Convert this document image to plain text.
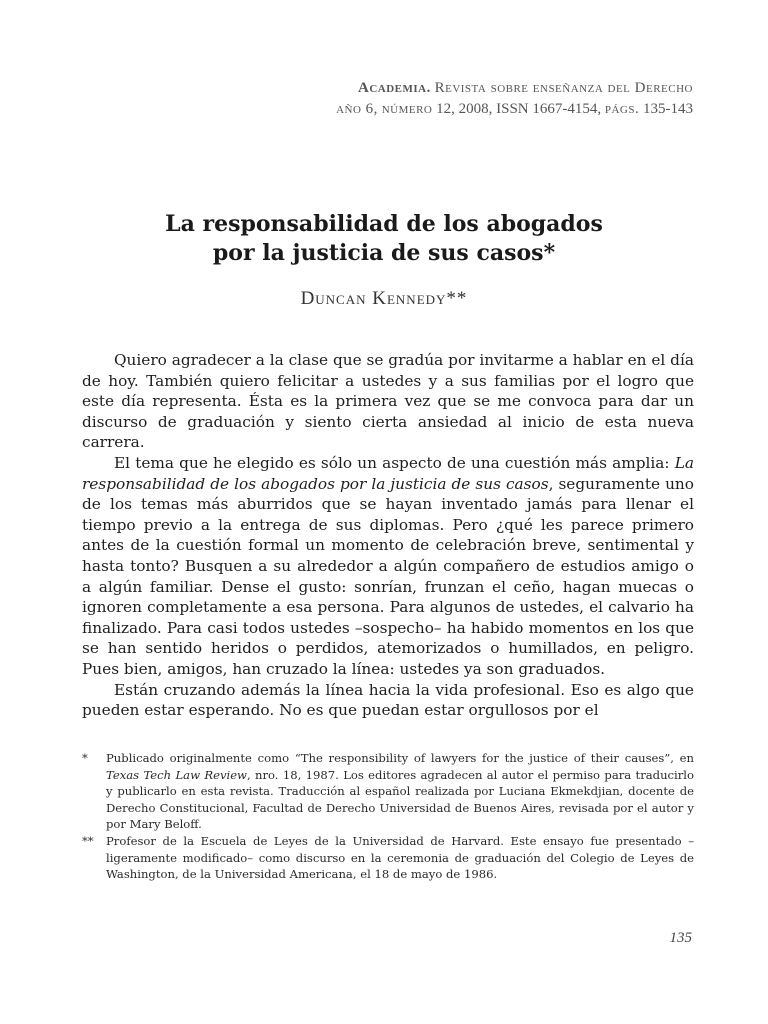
Academia. Revista sobre enseñanza del Derecho
año 6, número 12, 2008, ISSN 1667-4154, págs. 135-143
La responsabilidad de los abogados
por la justicia de sus casos*
Duncan Kennedy**

Quiero agradecer a la clase que se gradúa por invitarme a hablar en el día de hoy. También quiero felicitar a ustedes y a sus familias por el logro que este día representa. Ésta es la primera vez que se me convoca para dar un discurso de graduación y siento cierta ansiedad al inicio de esta nueva carrera.

El tema que he elegido es sólo un aspecto de una cuestión más amplia: La responsabilidad de los abogados por la justicia de sus casos, seguramente uno de los temas más aburridos que se hayan inventado jamás para llenar el tiempo previo a la entrega de sus diplomas. Pero ¿qué les parece primero antes de la cuestión formal un momento de celebración breve, sentimental y hasta tonto? Busquen a su alrededor a algún compañero de estudios amigo o a algún familiar. Dense el gusto: sonrían, frunzan el ceño, hagan muecas o ignoren completamente a esa persona. Para algunos de ustedes, el calvario ha finalizado. Para casi todos ustedes –sospecho– ha habido momentos en los que se han sentido heridos o perdidos, atemorizados o humillados, en peligro. Pues bien, amigos, han cruzado la línea: ustedes ya son graduados.

Están cruzando además la línea hacia la vida profesional. Eso es algo que pueden estar esperando. No es que puedan estar orgullosos por el

* Publicado originalmente como “The responsibility of lawyers for the justice of their causes”, en Texas Tech Law Review, nro. 18, 1987. Los editores agradecen al autor el permiso para traducirlo y publicarlo en esta revista. Traducción al español realizada por Luciana Ekmekdjian, docente de Derecho Constitucional, Facultad de Derecho Universidad de Buenos Aires, revisada por el autor y por Mary Beloff.
** Profesor de la Escuela de Leyes de la Universidad de Harvard. Este ensayo fue presentado –ligeramente modificado– como discurso en la ceremonia de graduación del Colegio de Leyes de Washington, de la Universidad Americana, el 18 de mayo de 1986.
135
